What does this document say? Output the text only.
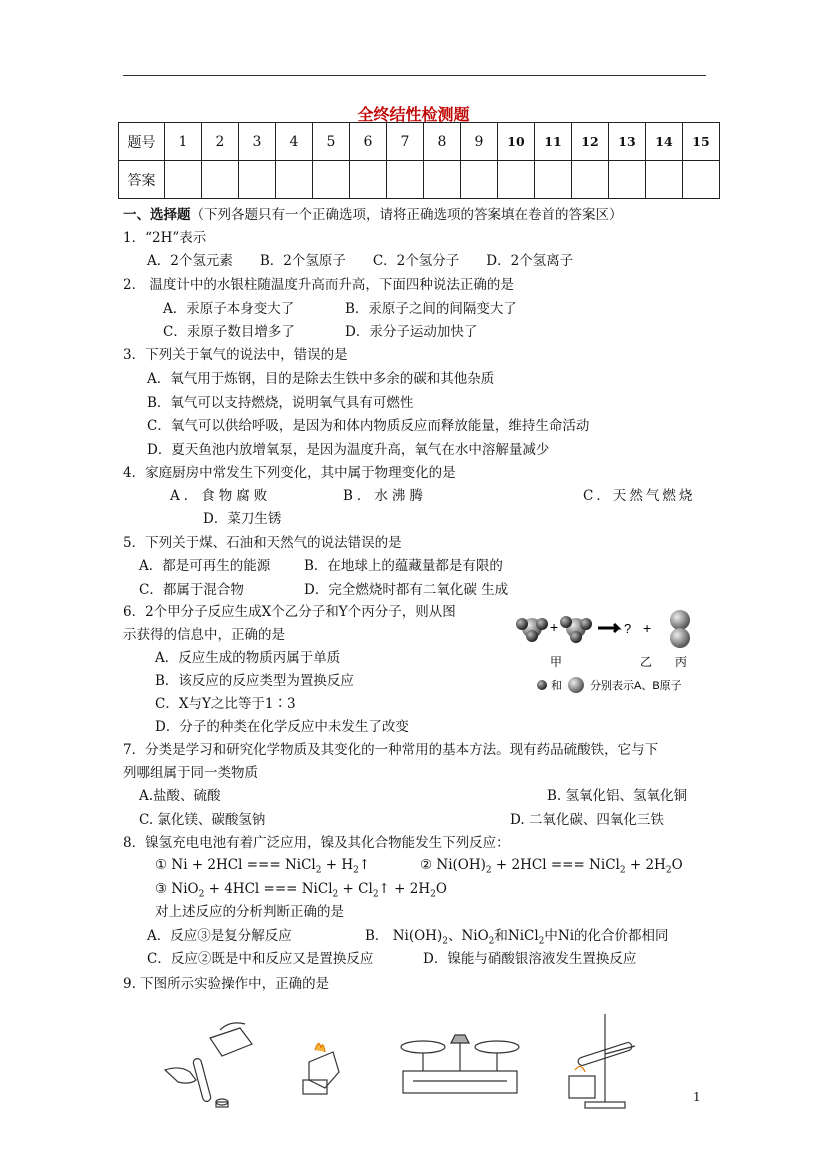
全终结性检测题
题号	1	2	3	4	5	6	7	8	9	10	11	12	13	14	15
答案															
一、选择题（下列各题只有一个正确选项，请将正确选项的答案填在卷首的答案区）
1．“2H”表示
A．2个氢元素　　B．2个氢原子　　C．2个氢分子　　D．2个氢离子
2． 温度计中的水银柱随温度升高而升高，下面四种说法正确的是
A．汞原子本身变大了	B．汞原子之间的间隔变大了
C．汞原子数目增多了	D．汞分子运动加快了
3．下列关于氧气的说法中，错误的是
A．氧气用于炼钢，目的是除去生铁中多余的碳和其他杂质
B．氧气可以支持燃烧，说明氧气具有可燃性
C．氧气可以供给呼吸，是因为和体内物质反应而释放能量，维持生命活动
D．夏天鱼池内放增氧泵，是因为温度升高，氧气在水中溶解量减少
4．家庭厨房中常发生下列变化，其中属于物理变化的是
A．食物腐败	B．水沸腾	C．天然气燃烧
D．菜刀生锈
5．下列关于煤、石油和天然气的说法错误的是
A．都是可再生的能源	B．在地球上的蕴藏量都是有限的
C．都属于混合物	D．完全燃烧时都有二氧化碳 生成
6．2个甲分子反应生成X个乙分子和Y个丙分子，则从图
示获得的信息中，正确的是
A．反应生成的物质丙属于单质
B．该反应的反应类型为置换反应
C．X与Y之比等于1∶3
D．分子的种类在化学反应中未发生了改变
+	? +
甲	乙 丙
和	分别表示A、B原子
7．分类是学习和研究化学物质及其变化的一种常用的基本方法。现有药品硫酸铁，它与下
列哪组属于同一类物质
A.盐酸、硫酸	B. 氢氧化铝、氢氧化铜
C. 氯化镁、碳酸氢钠	D. 二氧化碳、四氧化三铁
8．镍氢充电电池有着广泛应用，镍及其化合物能发生下列反应：
① Ni + 2HCl === NiCl$_2$ + $H_2↑$	② $Ni(OH)_2 + 2HCl$ === NiCl$_2$ + $2H_2O$
③ NiO$_2$ + 4HCl === NiCl$_2$ + $Cl_2↑ + 2H_2O$
对上述反应的分析判断正确的是
A．反应③是复分解反应	B． $Ni(OH)_2$、NiO$_2$和NiCl$_2$中Ni的化合价都相同
C．反应②既是中和反应又是置换反应	D．镍能与硝酸银溶液发生置换反应
9. 下图所示实验操作中，正确的是
1
